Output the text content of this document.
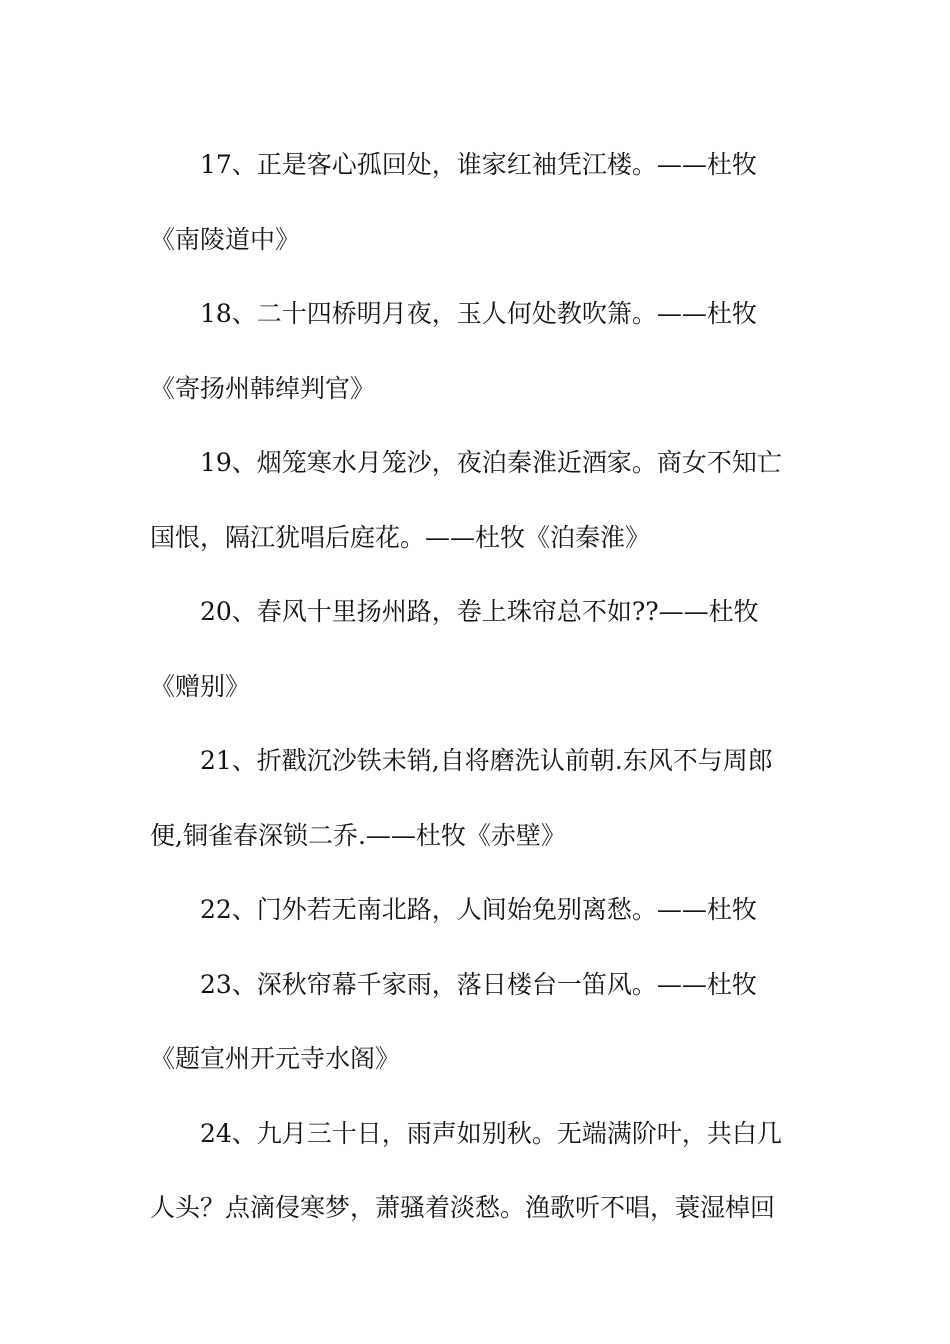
17、正是客心孤回处，谁家红袖凭江楼。——杜牧
《南陵道中》
18、二十四桥明月夜，玉人何处教吹箫。——杜牧
《寄扬州韩绰判官》
19、烟笼寒水月笼沙，夜泊秦淮近酒家。商女不知亡
国恨，隔江犹唱后庭花。——杜牧《泊秦淮》
20、春风十里扬州路，卷上珠帘总不如??——杜牧
《赠别》
21、折戳沉沙铁未销,自将磨洗认前朝.东风不与周郎
便,铜雀春深锁二乔.——杜牧《赤壁》
22、门外若无南北路，人间始免别离愁。——杜牧
23、深秋帘幕千家雨，落日楼台一笛风。——杜牧
《题宣州开元寺水阁》
24、九月三十日，雨声如别秋。无端满阶叶，共白几
人头？点滴侵寒梦，萧骚着淡愁。渔歌听不唱，蓑湿棹回
